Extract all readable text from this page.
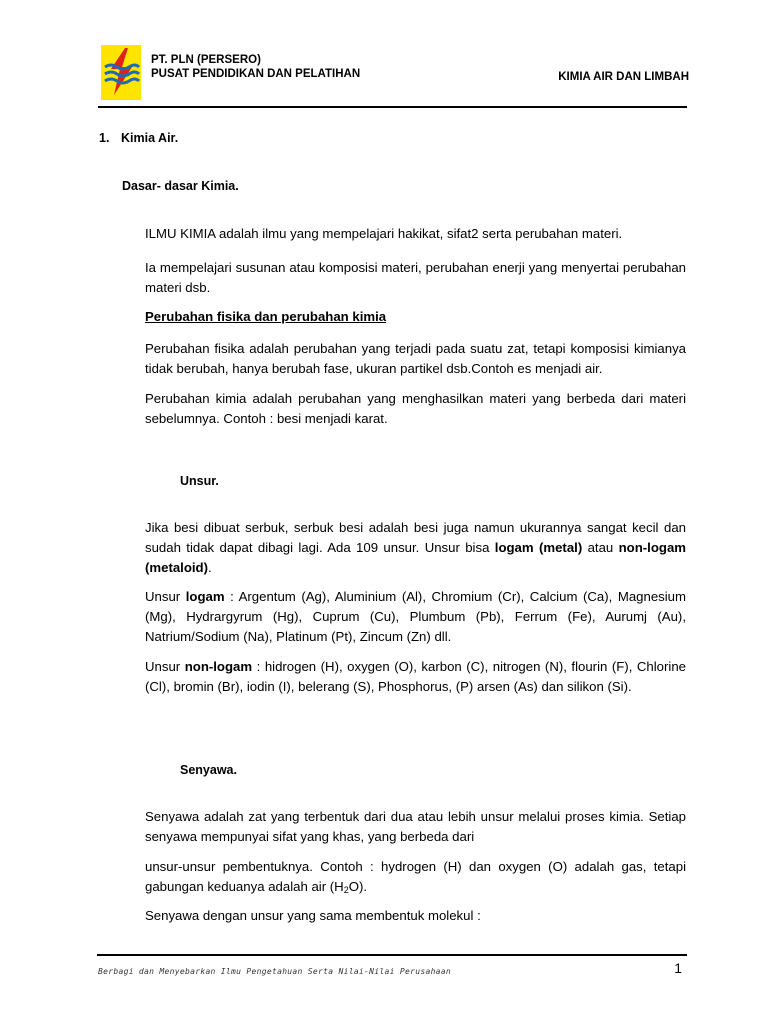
PT. PLN (PERSERO)
PUSAT PENDIDIKAN DAN PELATIHAN	KIMIA AIR DAN LIMBAH
1. Kimia Air.
Dasar- dasar Kimia.
ILMU KIMIA adalah ilmu yang mempelajari hakikat, sifat2 serta perubahan materi.
Ia mempelajari susunan atau komposisi materi, perubahan enerji yang menyertai perubahan materi dsb.
Perubahan fisika dan perubahan kimia
Perubahan fisika adalah perubahan yang terjadi pada suatu zat, tetapi komposisi kimianya tidak berubah, hanya berubah fase, ukuran partikel dsb.Contoh es menjadi air.
Perubahan kimia adalah perubahan yang menghasilkan materi yang berbeda dari materi sebelumnya. Contoh : besi menjadi karat.
Unsur.
Jika besi dibuat serbuk, serbuk besi adalah besi juga namun ukurannya sangat kecil dan sudah tidak dapat dibagi lagi. Ada 109 unsur. Unsur bisa logam (metal) atau non-logam (metaloid).
Unsur logam : Argentum (Ag), Aluminium (Al), Chromium (Cr), Calcium (Ca), Magnesium (Mg), Hydrargyrum (Hg), Cuprum (Cu), Plumbum (Pb), Ferrum (Fe), Aurumj (Au), Natrium/Sodium (Na), Platinum (Pt), Zincum (Zn) dll.
Unsur non-logam : hidrogen (H), oxygen (O), karbon (C), nitrogen (N), flourin (F), Chlorine (Cl), bromin (Br), iodin (I), belerang (S), Phosphorus, (P) arsen (As) dan silikon (Si).
Senyawa.
Senyawa adalah zat yang terbentuk dari dua atau lebih unsur melalui proses kimia. Setiap senyawa mempunyai sifat yang khas, yang berbeda dari
unsur-unsur pembentuknya. Contoh : hydrogen (H) dan oxygen (O) adalah gas, tetapi gabungan keduanya adalah air $(H_2O)$.
Senyawa dengan unsur yang sama membentuk molekul :
Berbagi dan Menyebarkan Ilmu Pengetahuan Serta Nilai-Nilai Perusahaan	1
